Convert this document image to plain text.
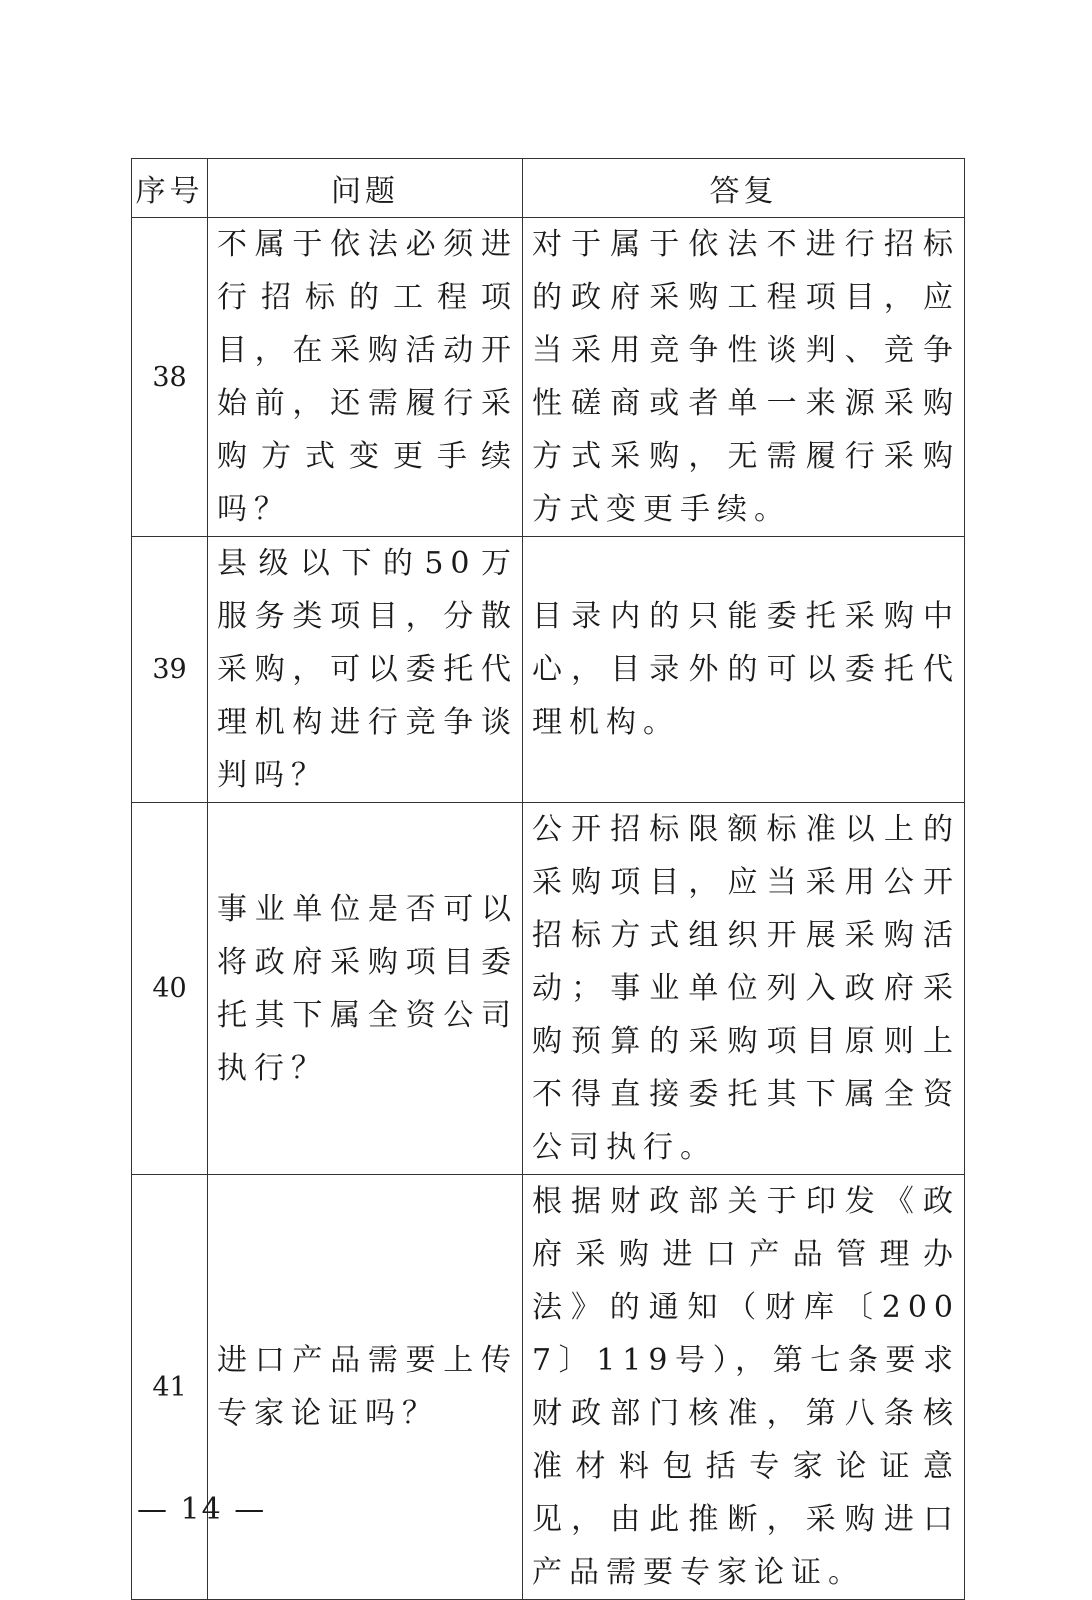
序号	问题	答复
38	不属于依法必须进行招标的工程项目，在采购活动开始前，还需履行采购方式变更手续吗？	对于属于依法不进行招标的政府采购工程项目，应当采用竞争性谈判、竞争性磋商或者单一来源采购方式采购，无需履行采购方式变更手续。
39	县级以下的50万服务类项目，分散采购，可以委托代理机构进行竞争谈判吗？	目录内的只能委托采购中心，目录外的可以委托代理机构。
40	事业单位是否可以将政府采购项目委托其下属全资公司执行？	公开招标限额标准以上的采购项目，应当采用公开招标方式组织开展采购活动；事业单位列入政府采购预算的采购项目原则上不得直接委托其下属全资公司执行。
41	进口产品需要上传专家论证吗？	根据财政部关于印发《政府采购进口产品管理办法》的通知（财库〔2007〕119号），第七条要求财政部门核准，第八条核准材料包括专家论证意见，由此推断，采购进口产品需要专家论证。
— 14 —
